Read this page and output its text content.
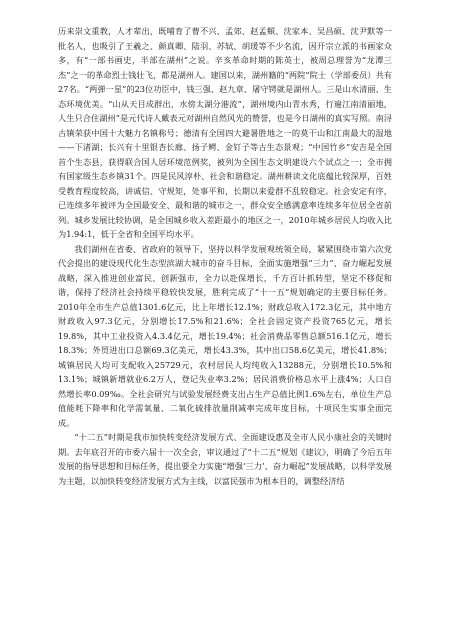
历来崇文重教，人才辈出，既哺育了曹不兴、孟郊、赵孟頫、沈家本、吴昌硕、沈尹默等一批名人，也吸引了王羲之、颜真卿、陆羽、苏轼、胡瑗等不少名流，因开宗立派的书画家众多，有“一部书画史，半部在湖州”之说。辛亥革命时期的陈英士，被周总理誉为“龙潭三杰”之一的革命烈士钱壮飞，都是湖州人。建国以来，湖州籍的“两院”院士（学部委员）共有27名。“两弹一星”的23位功臣中，钱三强、赵九章、屠守锷就是湖州人。三是山水清丽、生态环境优美。“山从天目成群出，水傍太湖分港流”，湖州境内山青水秀，行遍江南清丽地，人生只合住湖州”是元代诗人戴表元对湖州自然风光的赞誉，也是今日湖州的真实写照。南浔古镇荣获中国十大魅力名镇称号；德清有全国四大避暑胜地之一的莫干山和江南最大的湿地——下渚湖；长兴有十里银杏长廊、扬子鳄、金钉子等古生态景观；“中国竹乡”安吉是全国首个生态县，获得联合国人居环境范例奖，被列为全国生态文明建设六个试点之一；全市拥有国家级生态乡镇31个。四是民风淳朴、社会和谐稳定。湖州耕读文化底蕴比较深厚，百姓受教育程度较高，讲诚信、守规矩，处事平和，长期以来爱群不乱较稳定。社会安定有序，已连续多年被评为全国最安全、最和谐的城市之一，群众安全感满意率连续多年位居全省前列。城乡发展比较协调，是全国城乡收入差距最小的地区之一，2010年城乡居民人均收入比为1.94:1，低于全省和全国平均水平。

我们湖州在省委、省政府的领导下，坚持以科学发展观统领全局，紧紧围绕市第六次党代会提出的建设现代化生态型滨湖大城市的奋斗目标，全面实施增强“三力”、奋力崛起发展战略，深入推进创业富民、创新强市，全力以赴保增长，千方百计抓转型，坚定不移促和谐，保持了经济社会持续平稳较快发展，胜利完成了“十一五”规划确定的主要目标任务。2010年全市生产总值1301.6亿元，比上年增长12.1%；财政总收入172.3亿元，其中地方财政收入97.3亿元，分别增长17.5%和21.6%；全社会固定资产投资765亿元，增长19.8%，其中工业投资入4.3.4亿元，增长19.4%；社会消费品零售总额516.1亿元，增长18.3%；外贸进出口总额69.3亿美元，增长43.3%，其中出口58.6亿美元，增长41.8%；城镇居民人均可支配收入25729元，农村居民人均纯收入13288元，分别增长10.5%和13.1%；城镇新增就业6.2万人，登记失业率3.2%；居民消费价格总水平上涨4%；人口自然增长率0.09‰。全社会研究与试验发展经费支出占生产总值比例1.6%左右，单位生产总值能耗下降率和化学需氧量、二氧化硫排放量削减率完成年度目标，十项民生实事全面完成。

“十二五”时期是我市加快转变经济发展方式、全面建设惠及全市人民小康社会的关键时期。去年底召开的市委六届十一次全会，审议通过了“十二五”规划《建议》，明确了今后五年发展的指导思想和目标任务，提出要全力实施“增强‘三力’、奋力崛起”发展战略，以科学发展为主题，以加快转变经济发展方式为主线，以富民强市为根本目的，调整经济结
